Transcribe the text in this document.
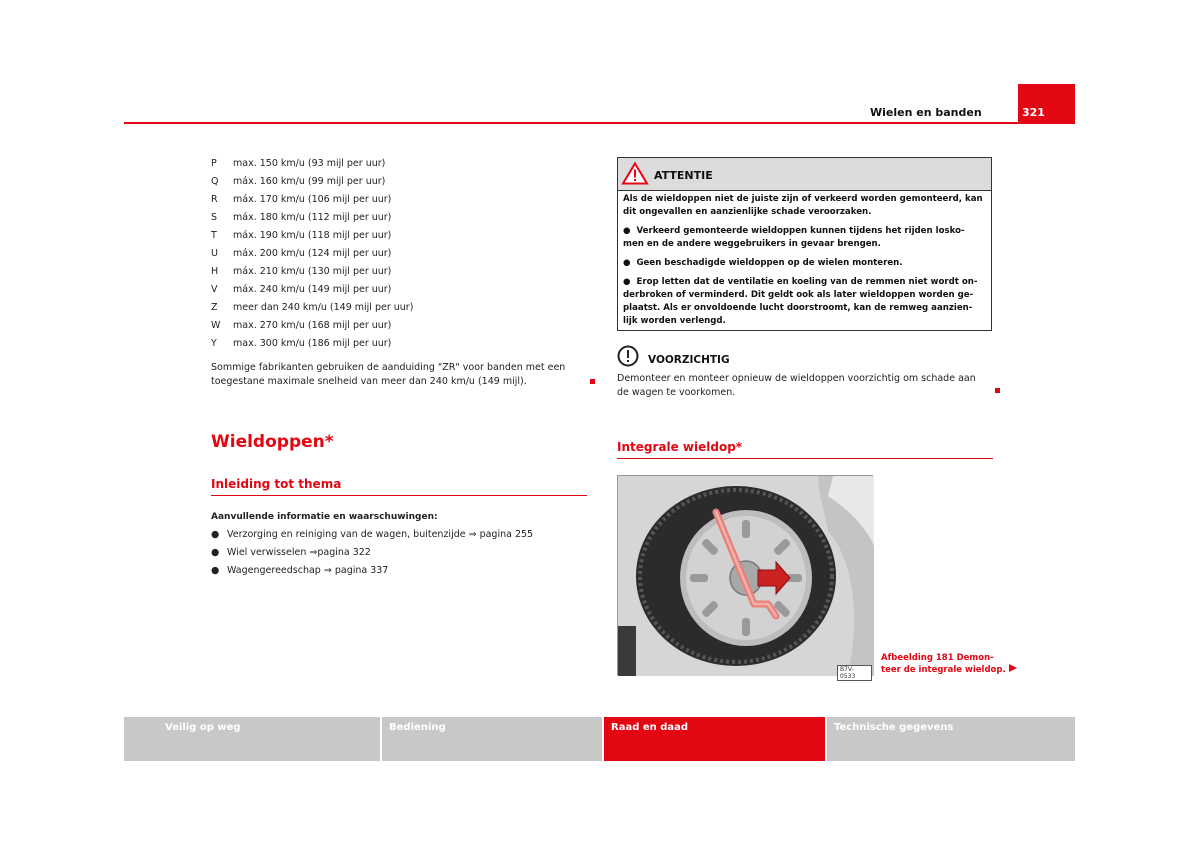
Wielen en banden	321
P max. 150 km/u (93 mijl per uur)
Q máx. 160 km/u (99 mijl per uur)
R máx. 170 km/u (106 mijl per uur)
S máx. 180 km/u (112 mijl per uur)
T máx. 190 km/u (118 mijl per uur)
U máx. 200 km/u (124 mijl per uur)
H máx. 210 km/u (130 mijl per uur)
V máx. 240 km/u (149 mijl per uur)
Z meer dan 240 km/u (149 mijl per uur)
W max. 270 km/u (168 mijl per uur)
Y max. 300 km/u (186 mijl per uur)
Sommige fabrikanten gebruiken de aanduiding "ZR" voor banden met een
toegestane maximale snelheid van meer dan 240 km/u (149 mijl).
Wieldoppen*
Inleiding tot thema
Aanvullende informatie en waarschuwingen:
● Verzorging en reiniging van de wagen, buitenzijde ⇒ pagina 255
● Wiel verwisselen ⇒pagina 322
● Wagengereedschap ⇒ pagina 337
ATTENTIE
Als de wieldoppen niet de juiste zijn of verkeerd worden gemonteerd, kan
dit ongevallen en aanzienlijke schade veroorzaken.
●  Verkeerd gemonteerde wieldoppen kunnen tijdens het rijden losko-
men en de andere weggebruikers in gevaar brengen.
●  Geen beschadigde wieldoppen op de wielen monteren.
●  Erop letten dat de ventilatie en koeling van de remmen niet wordt on-
derbroken of verminderd. Dit geldt ook als later wieldoppen worden ge-
plaatst. Als er onvoldoende lucht doorstroomt, kan de remweg aanzien-
lijk worden verlengd.
VOORZICHTIG
Demonteer en monteer opnieuw de wieldoppen voorzichtig om schade aan
de wagen te voorkomen.
Integrale wieldop*
B7V-0533
Afbeelding 181 Demon-
teer de integrale wieldop.
Veilig op weg	Bediening	Raad en daad	Technische gegevens
